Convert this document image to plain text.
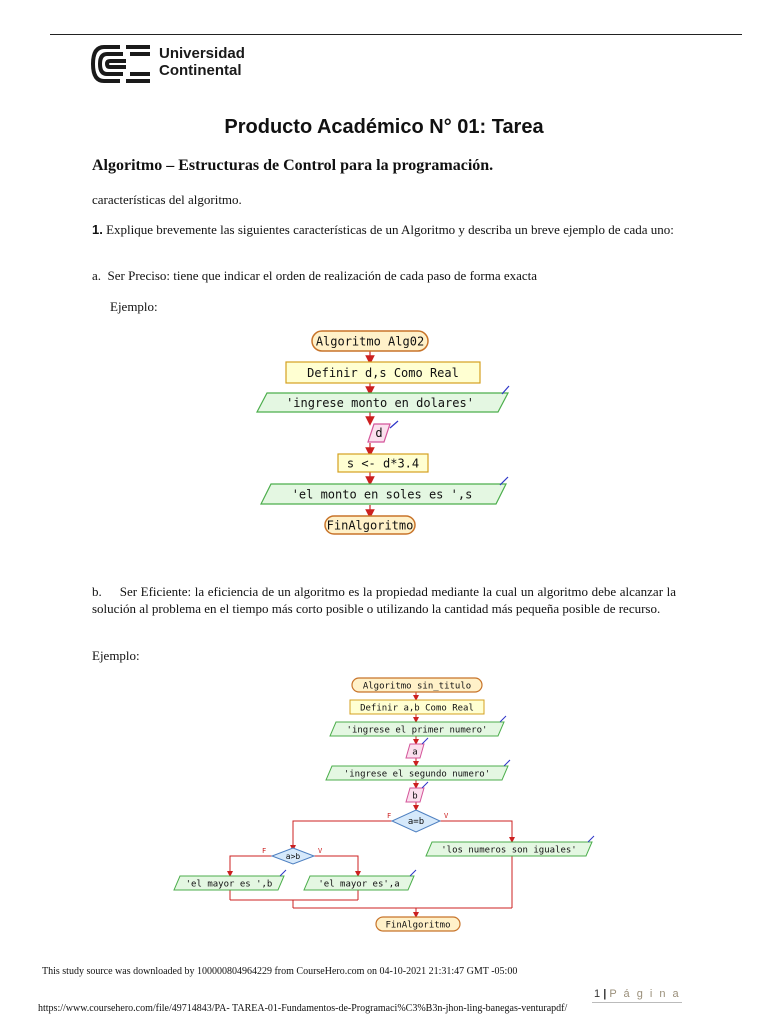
Universidad
Continental
Producto Académico N° 01: Tarea
Algoritmo – Estructuras de Control para la programación.
características del algoritmo.
1. Explique brevemente las siguientes características de un Algoritmo y describa un breve ejemplo de cada uno:
a. Ser Preciso: tiene que indicar el orden de realización de cada paso de forma exacta
Ejemplo:
Algoritmo Alg02
Definir d,s Como Real
'ingrese monto en dolares'
d
s <- d*3.4
'el monto en soles es ',s
FinAlgoritmo
b. Ser Eficiente: la eficiencia de un algoritmo es la propiedad mediante la cual un algoritmo debe alcanzar la solución al problema en el tiempo más corto posible o utilizando la cantidad más pequeña posible de recurso.
Ejemplo:
Algoritmo sin_titulo
Definir a,b Como Real
'ingrese el primer numero'
a
'ingrese el segundo numero'
b
a=b
F	V
'los numeros son iguales'
a>b
F	V
'el mayor es ',b	'el mayor es',a
FinAlgoritmo
This study source was downloaded by 100000804964229 from CourseHero.com on 04-10-2021 21:31:47 GMT -05:00
1 | P á g i n a
https://www.coursehero.com/file/49714843/PA- TAREA-01-Fundamentos-de-Programaci%C3%B3n-jhon-ling-banegas-venturapdf/
